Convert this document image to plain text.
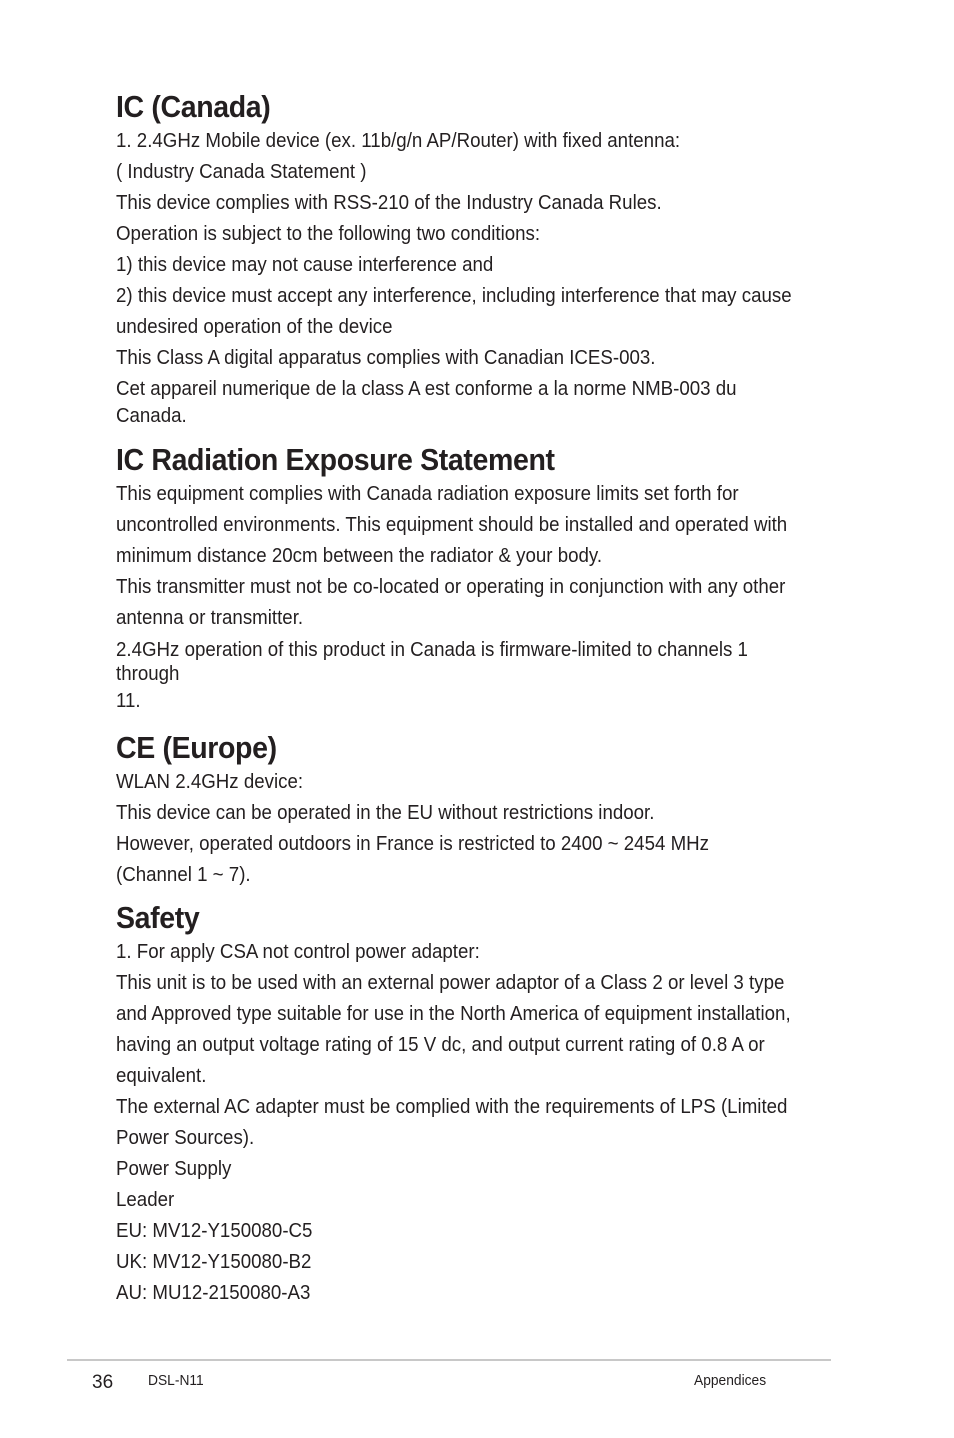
IC (Canada)

1. 2.4GHz Mobile device (ex. 11b/g/n AP/Router) with fixed antenna:

( Industry Canada Statement )

This device complies with RSS-210 of the Industry Canada Rules.

Operation is subject to the following two conditions:

1) this device may not cause interference and

2) this device must accept any interference, including interference that may cause

undesired operation of the device

This Class A digital apparatus complies with Canadian ICES-003.

Cet appareil numerique de la class A est conforme a la norme NMB-003 du

Canada.

IC Radiation Exposure Statement

This equipment complies with Canada radiation exposure limits set forth for

uncontrolled environments. This equipment should be installed and operated with

minimum distance 20cm between the radiator & your body.

This transmitter must not be co-located or operating in conjunction with any other

antenna or transmitter.

2.4GHz operation of this product in Canada is firmware-limited to channels 1

through

11.

CE (Europe)

WLAN 2.4GHz device:

This device can be operated in the EU without restrictions indoor.

However, operated outdoors in France is restricted to 2400 ~ 2454 MHz

(Channel 1 ~ 7).

Safety

1. For apply CSA not control power adapter:

This unit is to be used with an external power adaptor of a Class 2 or level 3 type

and Approved type suitable for use in the North America of equipment installation,

having an output voltage rating of 15 V dc, and output current rating of 0.8 A or

equivalent.

The external AC adapter must be complied with the requirements of LPS (Limited

Power Sources).

Power Supply

Leader

EU: MV12-Y150080-C5

UK: MV12-Y150080-B2

AU: MU12-2150080-A3

36 DSL-N11	Appendices
